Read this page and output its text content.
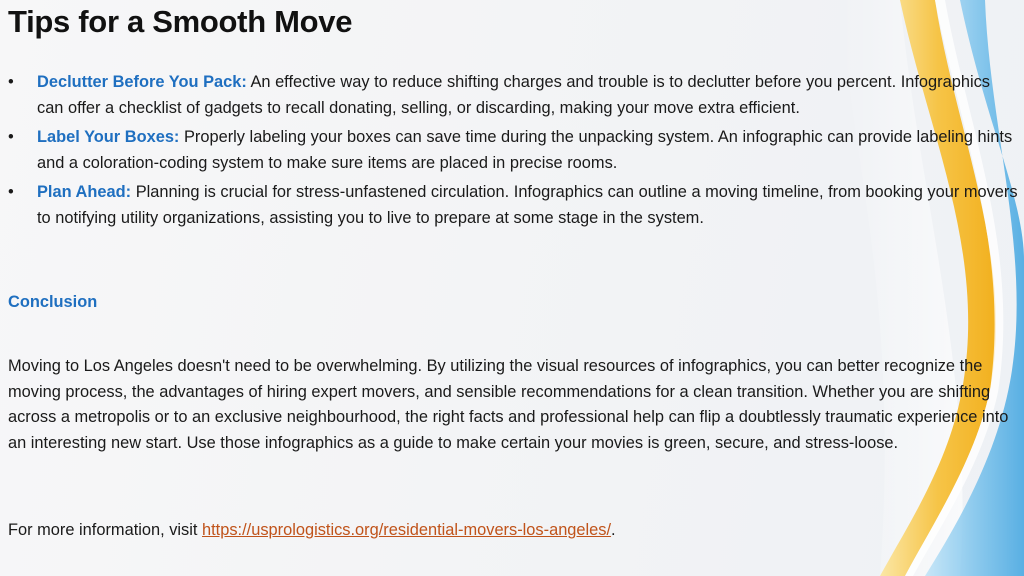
Tips for a Smooth Move
• Declutter Before You Pack: An effective way to reduce shifting charges and trouble is to declutter before you percent. Infographics can offer a checklist of gadgets to recall donating, selling, or discarding, making your move extra efficient.
• Label Your Boxes: Properly labeling your boxes can save time during the unpacking system. An infographic can provide labeling hints and a coloration-coding system to make sure items are placed in precise rooms.
• Plan Ahead: Planning is crucial for stress-unfastened circulation. Infographics can outline a moving timeline, from booking your movers to notifying utility organizations, assisting you to live to prepare at some stage in the system.
Conclusion

Moving to Los Angeles doesn't need to be overwhelming. By utilizing the visual resources of infographics, you can better recognize the moving process, the advantages of hiring expert movers, and sensible recommendations for a clean transition. Whether you are shifting across a metropolis or to an exclusive neighbourhood, the right facts and professional help can flip a doubtlessly traumatic experience into an interesting new start. Use those infographics as a guide to make certain your movies is green, secure, and stress-loose.

For more information, visit https://usprologistics.org/residential-movers-los-angeles/.
